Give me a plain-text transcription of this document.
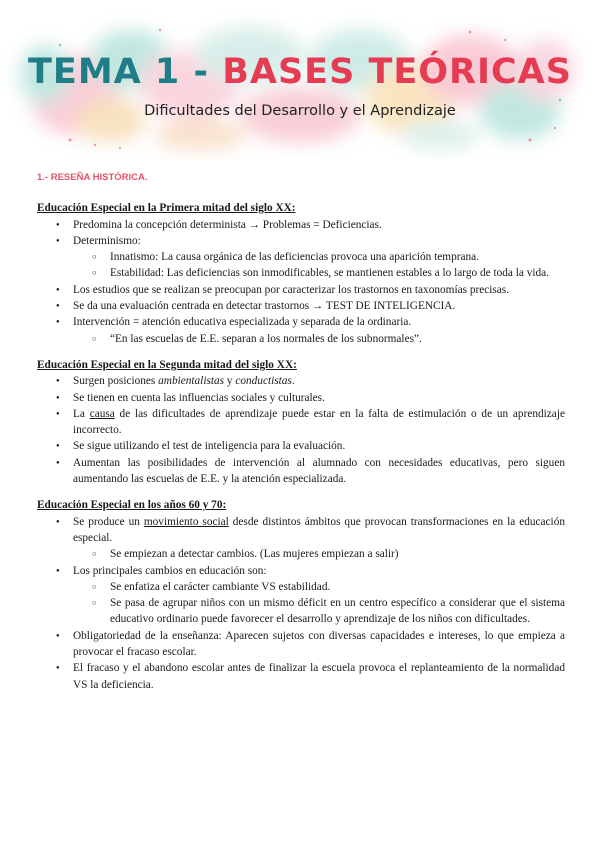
TEMA 1 - BASES TEÓRICAS
Dificultades del Desarrollo y el Aprendizaje
1.- RESEÑA HISTÓRICA.
Educación Especial en la Primera mitad del siglo XX:
● Predomina la concepción determinista → Problemas = Deficiencias.
● Determinismo:
○ Innatismo: La causa orgánica de las deficiencias provoca una aparición temprana.
○ Estabilidad: Las deficiencias son inmodificables, se mantienen estables a lo largo de toda la vida.
● Los estudios que se realizan se preocupan por caracterizar los trastornos en taxonomías precisas.
● Se da una evaluación centrada en detectar trastornos → TEST DE INTELIGENCIA.
● Intervención = atención educativa especializada y separada de la ordinaria.
○ “En las escuelas de E.E. separan a los normales de los subnormales”.
Educación Especial en la Segunda mitad del siglo XX:
● Surgen posiciones ambientalistas y conductistas.
● Se tienen en cuenta las influencias sociales y culturales.
● La causa de las dificultades de aprendizaje puede estar en la falta de estimulación o de un aprendizaje incorrecto.
● Se sigue utilizando el test de inteligencia para la evaluación.
● Aumentan las posibilidades de intervención al alumnado con necesidades educativas, pero siguen aumentando las escuelas de E.E. y la atención especializada.
Educación Especial en los años 60 y 70:
● Se produce un movimiento social desde distintos ámbitos que provocan transformaciones en la educación especial.
○ Se empiezan a detectar cambios. (Las mujeres empiezan a salir)
● Los principales cambios en educación son:
○ Se enfatiza el carácter cambiante VS estabilidad.
○ Se pasa de agrupar niños con un mismo déficit en un centro específico a considerar que el sistema educativo ordinario puede favorecer el desarrollo y aprendizaje de los niños con dificultades.
● Obligatoriedad de la enseñanza: Aparecen sujetos con diversas capacidades e intereses, lo que empieza a provocar el fracaso escolar.
● El fracaso y el abandono escolar antes de finalizar la escuela provoca el replanteamiento de la normalidad VS la deficiencia.
